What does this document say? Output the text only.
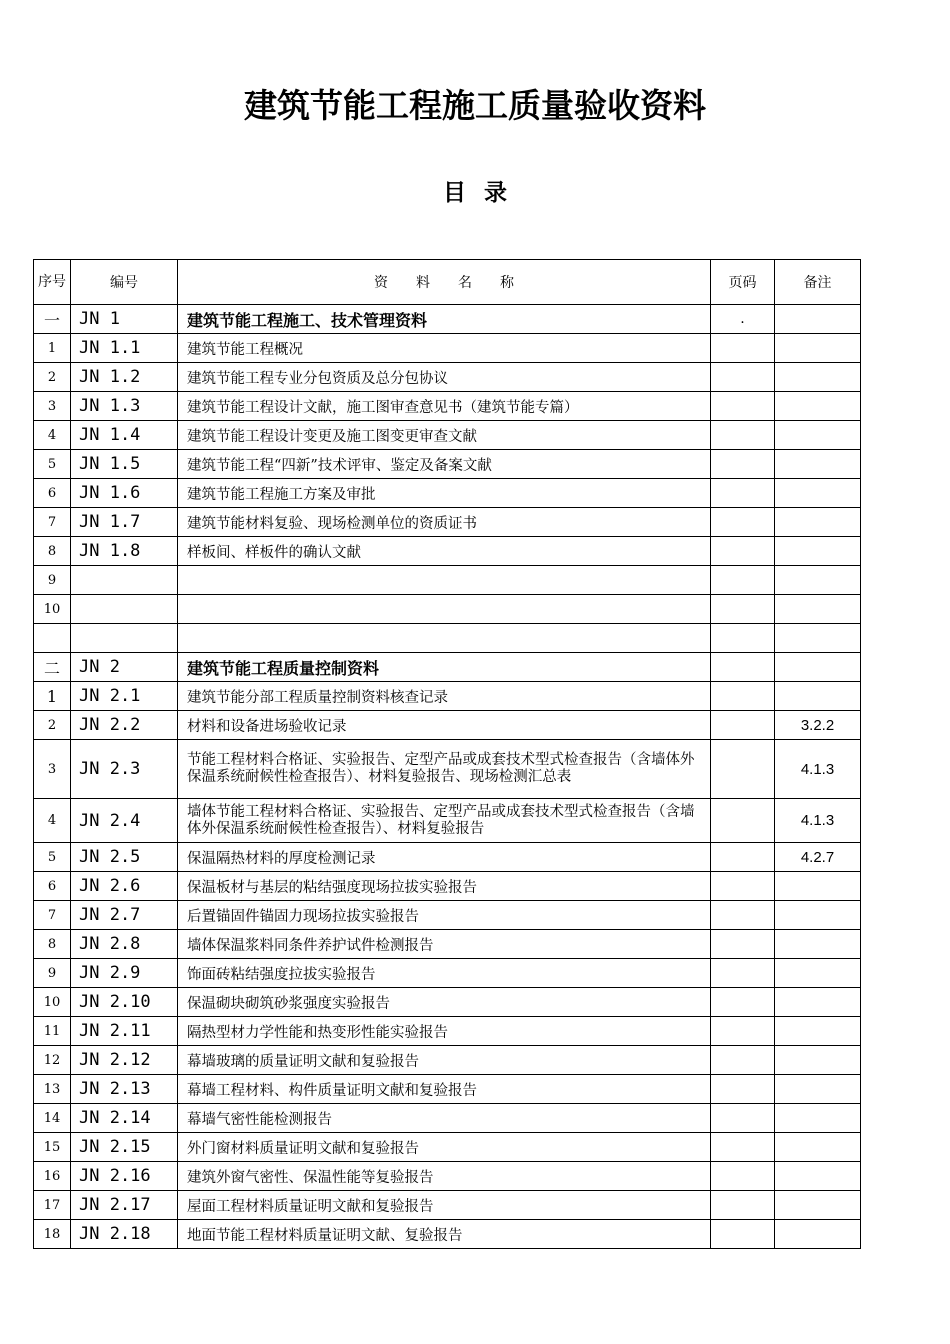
建筑节能工程施工质量验收资料
目 录
序号	编号	资 料 名 称	页码	备注
一	JN 1	建筑节能工程施工、技术管理资料	.	
1	JN 1.1	建筑节能工程概况		
2	JN 1.2	建筑节能工程专业分包资质及总分包协议		
3	JN 1.3	建筑节能工程设计文献，施工图审查意见书（建筑节能专篇）		
4	JN 1.4	建筑节能工程设计变更及施工图变更审查文献		
5	JN 1.5	建筑节能工程“四新”技术评审、鉴定及备案文献		
6	JN 1.6	建筑节能工程施工方案及审批		
7	JN 1.7	建筑节能材料复验、现场检测单位的资质证书		
8	JN 1.8	样板间、样板件的确认文献		
9				
10				

二	JN 2	建筑节能工程质量控制资料		
1	JN 2.1	建筑节能分部工程质量控制资料核查记录		
2	JN 2.2	材料和设备进场验收记录		3.2.2
3	JN 2.3	节能工程材料合格证、实验报告、定型产品或成套技术型式检查报告（含墙体外保温系统耐候性检查报告）、材料复验报告、现场检测汇总表		4.1.3
4	JN 2.4	墙体节能工程材料合格证、实验报告、定型产品或成套技术型式检查报告（含墙体外保温系统耐候性检查报告）、材料复验报告		4.1.3
5	JN 2.5	保温隔热材料的厚度检测记录		4.2.7
6	JN 2.6	保温板材与基层的粘结强度现场拉拔实验报告		
7	JN 2.7	后置锚固件锚固力现场拉拔实验报告		
8	JN 2.8	墙体保温浆料同条件养护试件检测报告		
9	JN 2.9	饰面砖粘结强度拉拔实验报告		
10	JN 2.10	保温砌块砌筑砂浆强度实验报告		
11	JN 2.11	隔热型材力学性能和热变形性能实验报告		
12	JN 2.12	幕墙玻璃的质量证明文献和复验报告		
13	JN 2.13	幕墙工程材料、构件质量证明文献和复验报告		
14	JN 2.14	幕墙气密性能检测报告		
15	JN 2.15	外门窗材料质量证明文献和复验报告		
16	JN 2.16	建筑外窗气密性、保温性能等复验报告		
17	JN 2.17	屋面工程材料质量证明文献和复验报告		
18	JN 2.18	地面节能工程材料质量证明文献、复验报告		
